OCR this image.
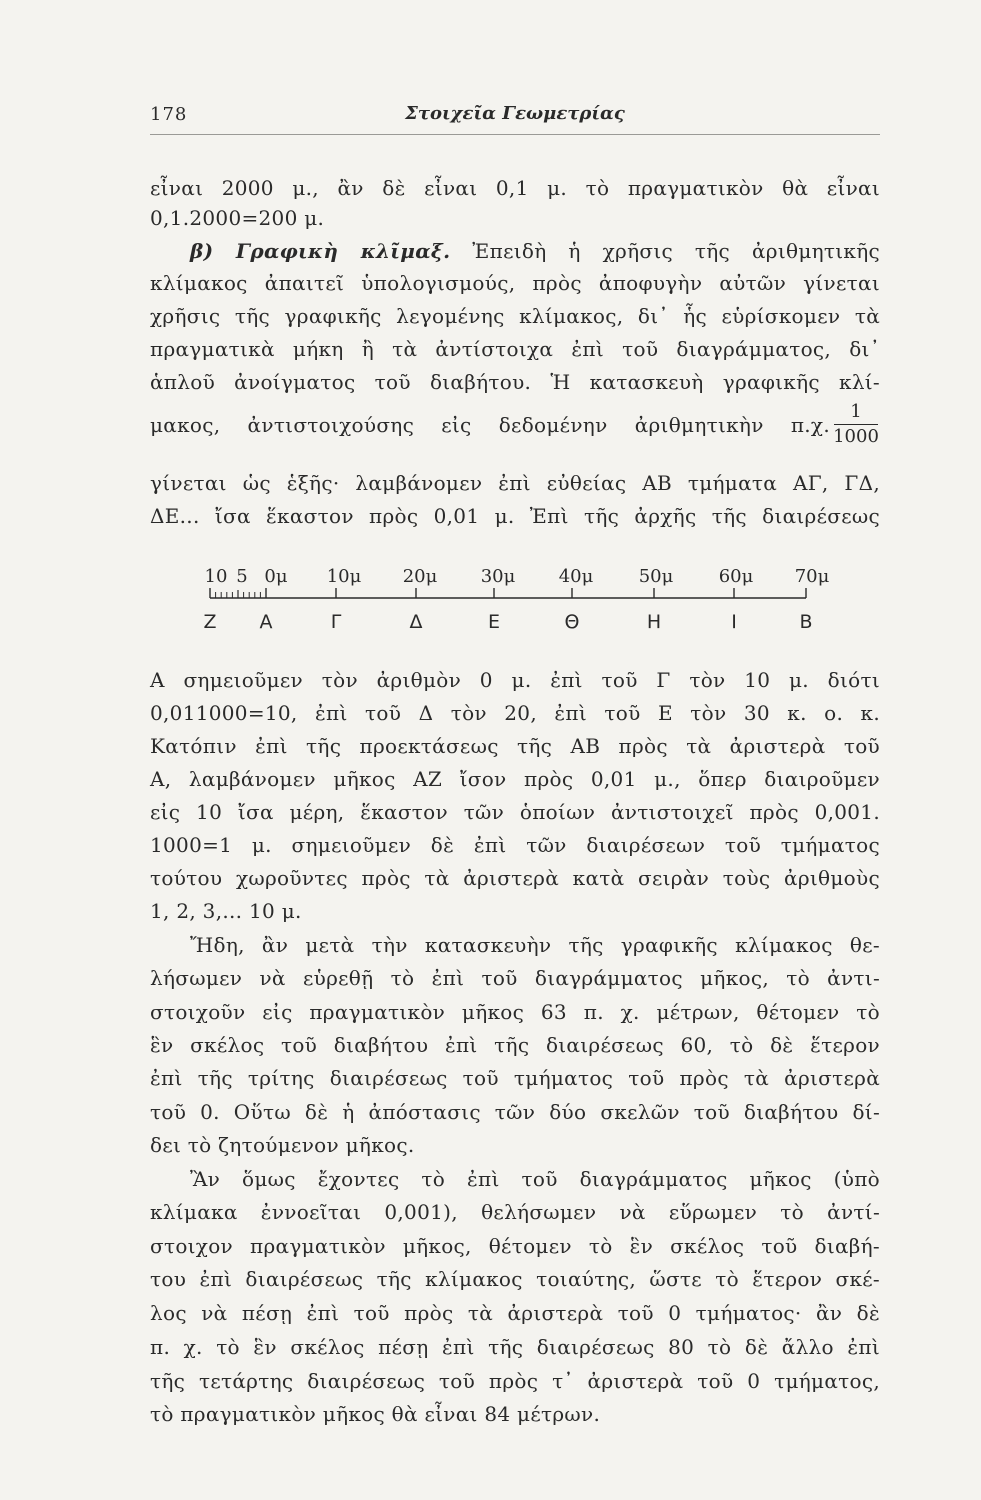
178	Στοιχεῖα Γεωμετρίας

εἶναι 2000 μ., ἂν δὲ εἶναι 0,1 μ. τὸ πραγματικὸν θὰ εἶναι

0,1.2000=200 μ.

β) Γραφικὴ κλῖμαξ. Ἐπειδὴ ἡ χρῆσις τῆς ἀριθμητικῆς

κλίμακος ἀπαιτεῖ ὑπολογισμούς, πρὸς ἀποφυγὴν αὐτῶν γίνεται

χρῆσις τῆς γραφικῆς λεγομένης κλίμακος, δι᾽ ἧς εὑρίσκομεν τὰ

πραγματικὰ μήκη ἢ τὰ ἀντίστοιχα ἐπὶ τοῦ διαγράμματος, δι᾽

ἁπλοῦ ἀνοίγματος τοῦ διαβήτου. Ἡ κατασκευὴ γραφικῆς κλί-

μακος, ἀντιστοιχούσης εἰς δεδομένην ἀριθμητικὴν π.χ.

1
1000

γίνεται ὡς ἑξῆς· λαμβάνομεν ἐπὶ εὐθείας ΑΒ τμήματα ΑΓ, ΓΔ,

ΔΕ... ἴσα ἕκαστον πρὸς 0,01 μ. Ἐπὶ τῆς ἀρχῆς τῆς διαιρέσεως

10 5 0μ 10μ 20μ 30μ 40μ	50μ	60μ 70μ
Ζ Α	Γ	Δ	Ε	Θ	Η	Ι	Β

Α σημειοῦμεν τὸν ἀριθμὸν 0 μ. ἐπὶ τοῦ Γ τὸν 10 μ. διότι

0,011000=10, ἐπὶ τοῦ Δ τὸν 20, ἐπὶ τοῦ Ε τὸν 30 κ. ο. κ.

Κατόπιν ἐπὶ τῆς προεκτάσεως τῆς ΑΒ πρὸς τὰ ἀριστερὰ τοῦ

Α, λαμβάνομεν μῆκος ΑΖ ἴσον πρὸς 0,01 μ., ὅπερ διαιροῦμεν

εἰς 10 ἴσα μέρη, ἕκαστον τῶν ὁποίων ἀντιστοιχεῖ πρὸς 0,001.

1000=1 μ. σημειοῦμεν δὲ ἐπὶ τῶν διαιρέσεων τοῦ τμήματος

τούτου χωροῦντες πρὸς τὰ ἀριστερὰ κατὰ σειρὰν τοὺς ἀριθμοὺς

1, 2, 3,... 10 μ.

Ἤδη, ἂν μετὰ τὴν κατασκευὴν τῆς γραφικῆς κλίμακος θε-

λήσωμεν νὰ εὑρεθῇ τὸ ἐπὶ τοῦ διαγράμματος μῆκος, τὸ ἀντι-

στοιχοῦν εἰς πραγματικὸν μῆκος 63 π. χ. μέτρων, θέτομεν τὸ

ἓν σκέλος τοῦ διαβήτου ἐπὶ τῆς διαιρέσεως 60, τὸ δὲ ἕτερον

ἐπὶ τῆς τρίτης διαιρέσεως τοῦ τμήματος τοῦ πρὸς τὰ ἀριστερὰ

τοῦ 0. Οὕτω δὲ ἡ ἀπόστασις τῶν δύο σκελῶν τοῦ διαβήτου δί-

δει τὸ ζητούμενον μῆκος.

Ἂν ὅμως ἔχοντες τὸ ἐπὶ τοῦ διαγράμματος μῆκος (ὑπὸ

κλίμακα ἐννοεῖται 0,001), θελήσωμεν νὰ εὕρωμεν τὸ ἀντί-

στοιχον πραγματικὸν μῆκος, θέτομεν τὸ ἓν σκέλος τοῦ διαβή-

του ἐπὶ διαιρέσεως τῆς κλίμακος τοιαύτης, ὥστε τὸ ἕτερον σκέ-

λος νὰ πέσῃ ἐπὶ τοῦ πρὸς τὰ ἀριστερὰ τοῦ 0 τμήματος· ἂν δὲ

π. χ. τὸ ἓν σκέλος πέσῃ ἐπὶ τῆς διαιρέσεως 80 τὸ δὲ ἄλλο ἐπὶ

τῆς τετάρτης διαιρέσεως τοῦ πρὸς τ᾽ ἀριστερὰ τοῦ 0 τμήματος,

τὸ πραγματικὸν μῆκος θὰ εἶναι 84 μέτρων.
